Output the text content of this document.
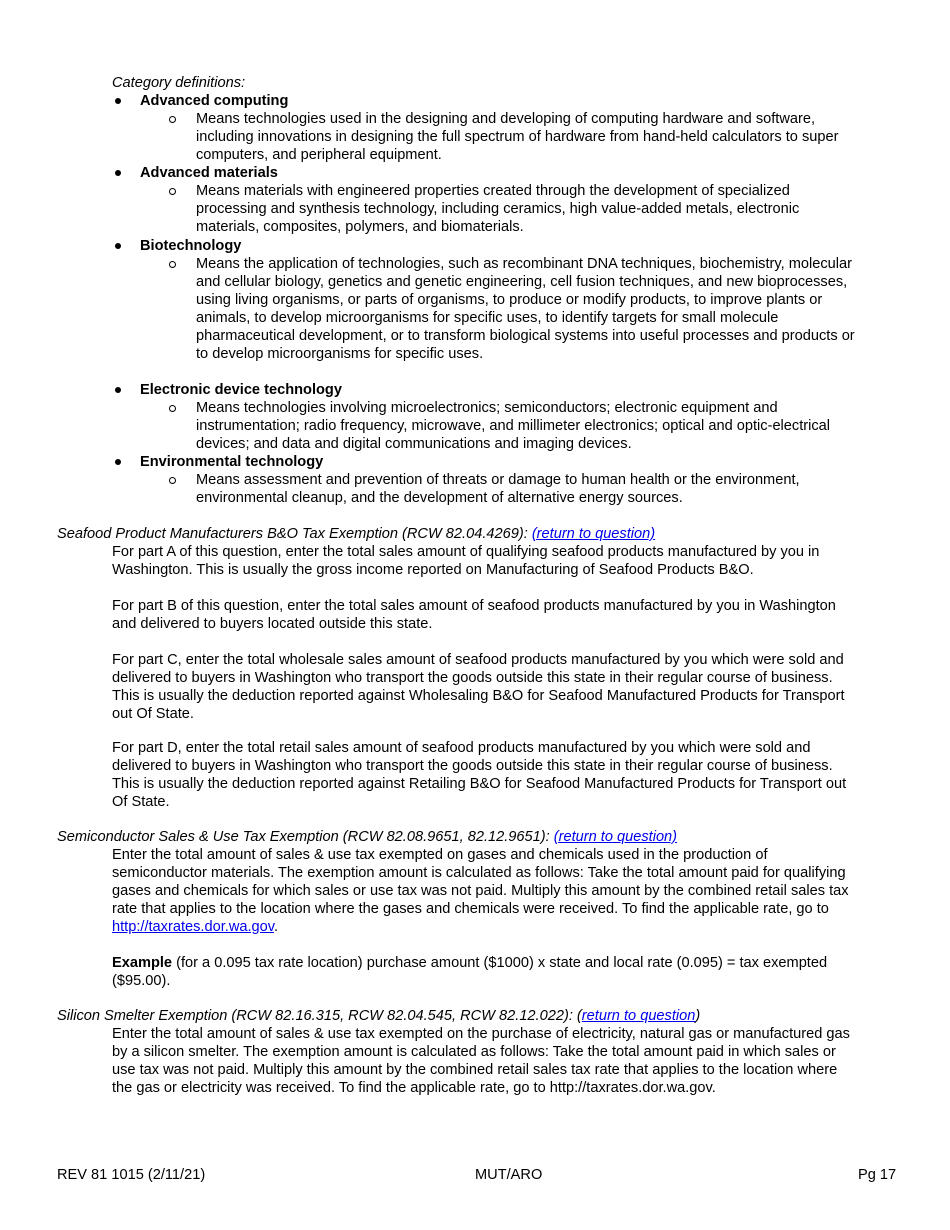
Category definitions:
Advanced computing
Means technologies used in the designing and developing of computing hardware and software,
including innovations in designing the full spectrum of hardware from hand-held calculators to super
computers, and peripheral equipment.
Advanced materials
Means materials with engineered properties created through the development of specialized
processing and synthesis technology, including ceramics, high value-added metals, electronic
materials, composites, polymers, and biomaterials.
Biotechnology
Means the application of technologies, such as recombinant DNA techniques, biochemistry, molecular
and cellular biology, genetics and genetic engineering, cell fusion techniques, and new bioprocesses,
using living organisms, or parts of organisms, to produce or modify products, to improve plants or
animals, to develop microorganisms for specific uses, to identify targets for small molecule
pharmaceutical development, or to transform biological systems into useful processes and products or
to develop microorganisms for specific uses.
Electronic device technology
Means technologies involving microelectronics; semiconductors; electronic equipment and
instrumentation; radio frequency, microwave, and millimeter electronics; optical and optic-electrical
devices; and data and digital communications and imaging devices.
Environmental technology
Means assessment and prevention of threats or damage to human health or the environment,
environmental cleanup, and the development of alternative energy sources.
Seafood Product Manufacturers B&O Tax Exemption (RCW 82.04.4269): (return to question)
For part A of this question, enter the total sales amount of qualifying seafood products manufactured by you in
Washington. This is usually the gross income reported on Manufacturing of Seafood Products B&O.
For part B of this question, enter the total sales amount of seafood products manufactured by you in Washington
and delivered to buyers located outside this state.
For part C, enter the total wholesale sales amount of seafood products manufactured by you which were sold and
delivered to buyers in Washington who transport the goods outside this state in their regular course of business.
This is usually the deduction reported against Wholesaling B&O for Seafood Manufactured Products for Transport
out Of State.
For part D, enter the total retail sales amount of seafood products manufactured by you which were sold and
delivered to buyers in Washington who transport the goods outside this state in their regular course of business.
This is usually the deduction reported against Retailing B&O for Seafood Manufactured Products for Transport out
Of State.
Semiconductor Sales & Use Tax Exemption (RCW 82.08.9651, 82.12.9651): (return to question)
Enter the total amount of sales & use tax exempted on gases and chemicals used in the production of
semiconductor materials. The exemption amount is calculated as follows: Take the total amount paid for qualifying
gases and chemicals for which sales or use tax was not paid. Multiply this amount by the combined retail sales tax
rate that applies to the location where the gases and chemicals were received. To find the applicable rate, go to
http://taxrates.dor.wa.gov.
Example (for a 0.095 tax rate location) purchase amount ($1000) x state and local rate (0.095) = tax exempted
($95.00).
Silicon Smelter Exemption (RCW 82.16.315, RCW 82.04.545, RCW 82.12.022): (return to question)
Enter the total amount of sales & use tax exempted on the purchase of electricity, natural gas or manufactured gas
by a silicon smelter. The exemption amount is calculated as follows: Take the total amount paid in which sales or
use tax was not paid. Multiply this amount by the combined retail sales tax rate that applies to the location where
the gas or electricity was received. To find the applicable rate, go to http://taxrates.dor.wa.gov.
REV 81 1015 (2/11/21)	MUT/ARO	Pg 17
